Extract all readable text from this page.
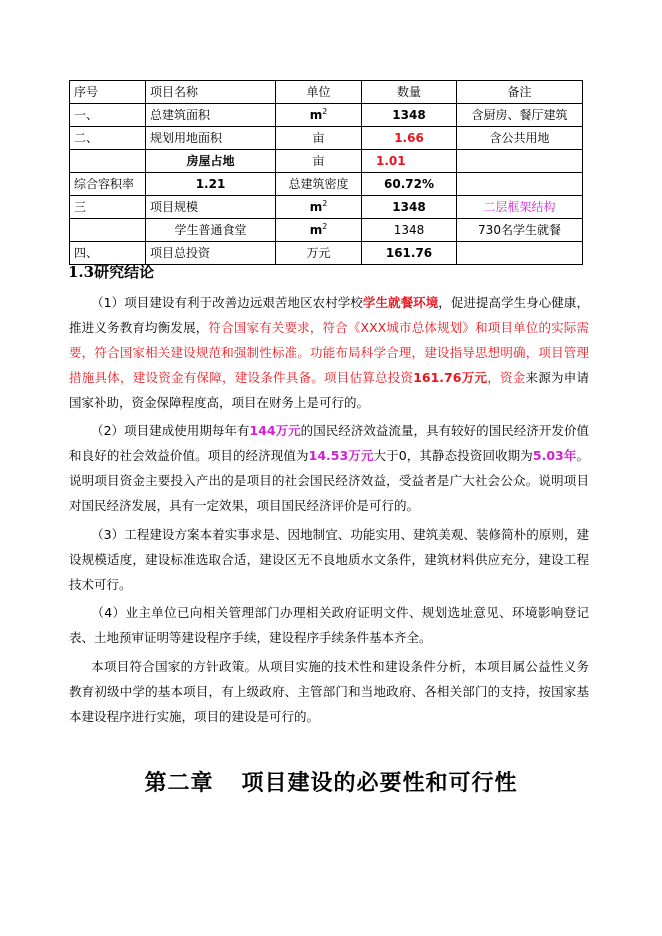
序号	项目名称	单位	数量	备注
一、	总建筑面积	$m^2$	1348	含厨房、餐厅建筑
二、	规划用地面积	亩	1.66	含公共用地
	房屋占地	亩	1.01	
综合容积率	1.21	总建筑密度	60.72%	
三	项目规模	$m^2$	1348	二层框架结构
	学生普通食堂	$m^2$	1348	730名学生就餐
四、	项目总投资	万元	161.76	
1.3研究结论
（1）项目建设有利于改善边远艰苦地区农村学校学生就餐环境，促进提高学生身心健康，推进义务教育均衡发展，符合国家有关要求，符合《XXX城市总体规划》和项目单位的实际需要，符合国家相关建设规范和强制性标准。功能布局科学合理，建设指导思想明确，项目管理措施具体，建设资金有保障，建设条件具备。项目估算总投资161.76万元，资金来源为申请国家补助，资金保障程度高，项目在财务上是可行的。
（2）项目建成使用期每年有144万元的国民经济效益流量，具有较好的国民经济开发价值和良好的社会效益价值。项目的经济现值为14.53万元大于0，其静态投资回收期为5.03年。说明项目资金主要投入产出的是项目的社会国民经济效益，受益者是广大社会公众。说明项目对国民经济发展，具有一定效果，项目国民经济评价是可行的。
（3）工程建设方案本着实事求是、因地制宜、功能实用、建筑美观、装修简朴的原则，建设规模适度，建设标准选取合适，建设区无不良地质水文条件，建筑材料供应充分，建设工程技术可行。
（4）业主单位已向相关管理部门办理相关政府证明文件、规划选址意见、环境影响登记表、土地预审证明等建设程序手续，建设程序手续条件基本齐全。
本项目符合国家的方针政策。从项目实施的技术性和建设条件分析，本项目属公益性义务教育初级中学的基本项目，有上级政府、主管部门和当地政府、各相关部门的支持，按国家基本建设程序进行实施，项目的建设是可行的。
第二章 项目建设的必要性和可行性
